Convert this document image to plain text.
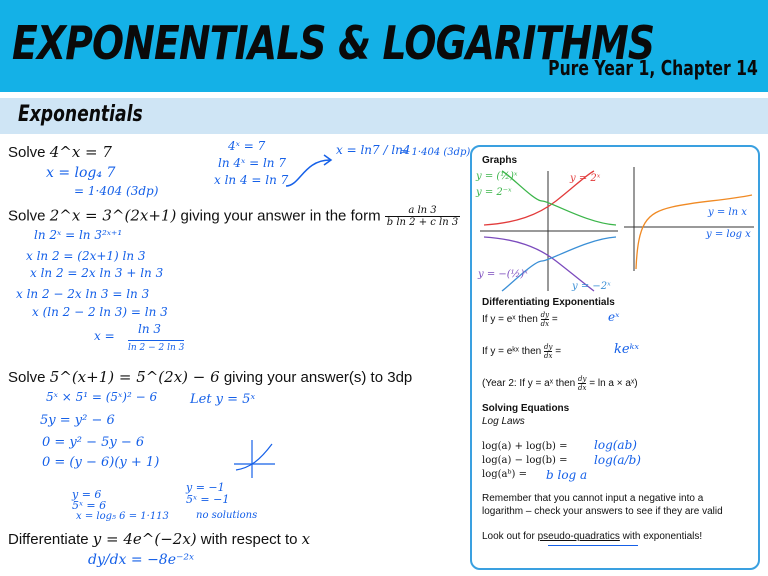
EXPONENTIALS & LOGARITHMS
Pure Year 1, Chapter 14
Exponentials
Solve 4^x = 7
x = log₄ 7
= 1·404 (3dp)
4ˣ = 7
ln 4ˣ = ln 7
x ln 4 = ln 7
x = ln7 / ln4
= 1·404 (3dp)
Solve 2^x = 3^(2x+1) giving your answer in the form $\frac{\text{a ln 3}}{\text{b ln 2 + c ln 3}}$
ln 2ˣ = ln 3²ˣ⁺¹
x ln 2 = (2x+1) ln 3
x ln 2 = 2x ln 3 + ln 3
x ln 2 − 2x ln 3 = ln 3
x (ln 2 − 2 ln 3) = ln 3
x = ln 3
ln 2 − 2 ln 3
Solve 5^(x+1) = 5^(2x) − 6 giving your answer(s) to 3dp
5ˣ × 5¹ = (5ˣ)² − 6	Let y = 5ˣ
5y = y² − 6
0 = y² − 5y − 6
0 = (y − 6)(y + 1)
y = 6
5ˣ = 6
x = log₅ 6 = 1·113
y = −1
5ˣ = −1
no solutions
Differentiate y = 4e^(−2x) with respect to x
dy/dx = −8e⁻²ˣ
Graphs
y = (½)ˣ
y = 2⁻ˣ
y = 2ˣ
y = −(½)ˣ
y = −2ˣ
y = ln x
y = log x
Differentiating Exponentials
If y = eˣ then $\frac{dy}{dx}$ =	eˣ
If y = eᵏˣ then $\frac{dy}{dx}$ =	keᵏˣ
(Year 2: If y = aˣ then $\frac{dy}{dx} = \ln a$ × aˣ)
Solving Equations
Log Laws
log(a) + log(b) = log(ab)
log(a) − log(b) = log(a/b)
log(aᵇ) = b log a
Remember that you cannot input a negative into a
logarithm – check your answers to see if they are valid
Look out for pseudo-quadratics with exponentials!
